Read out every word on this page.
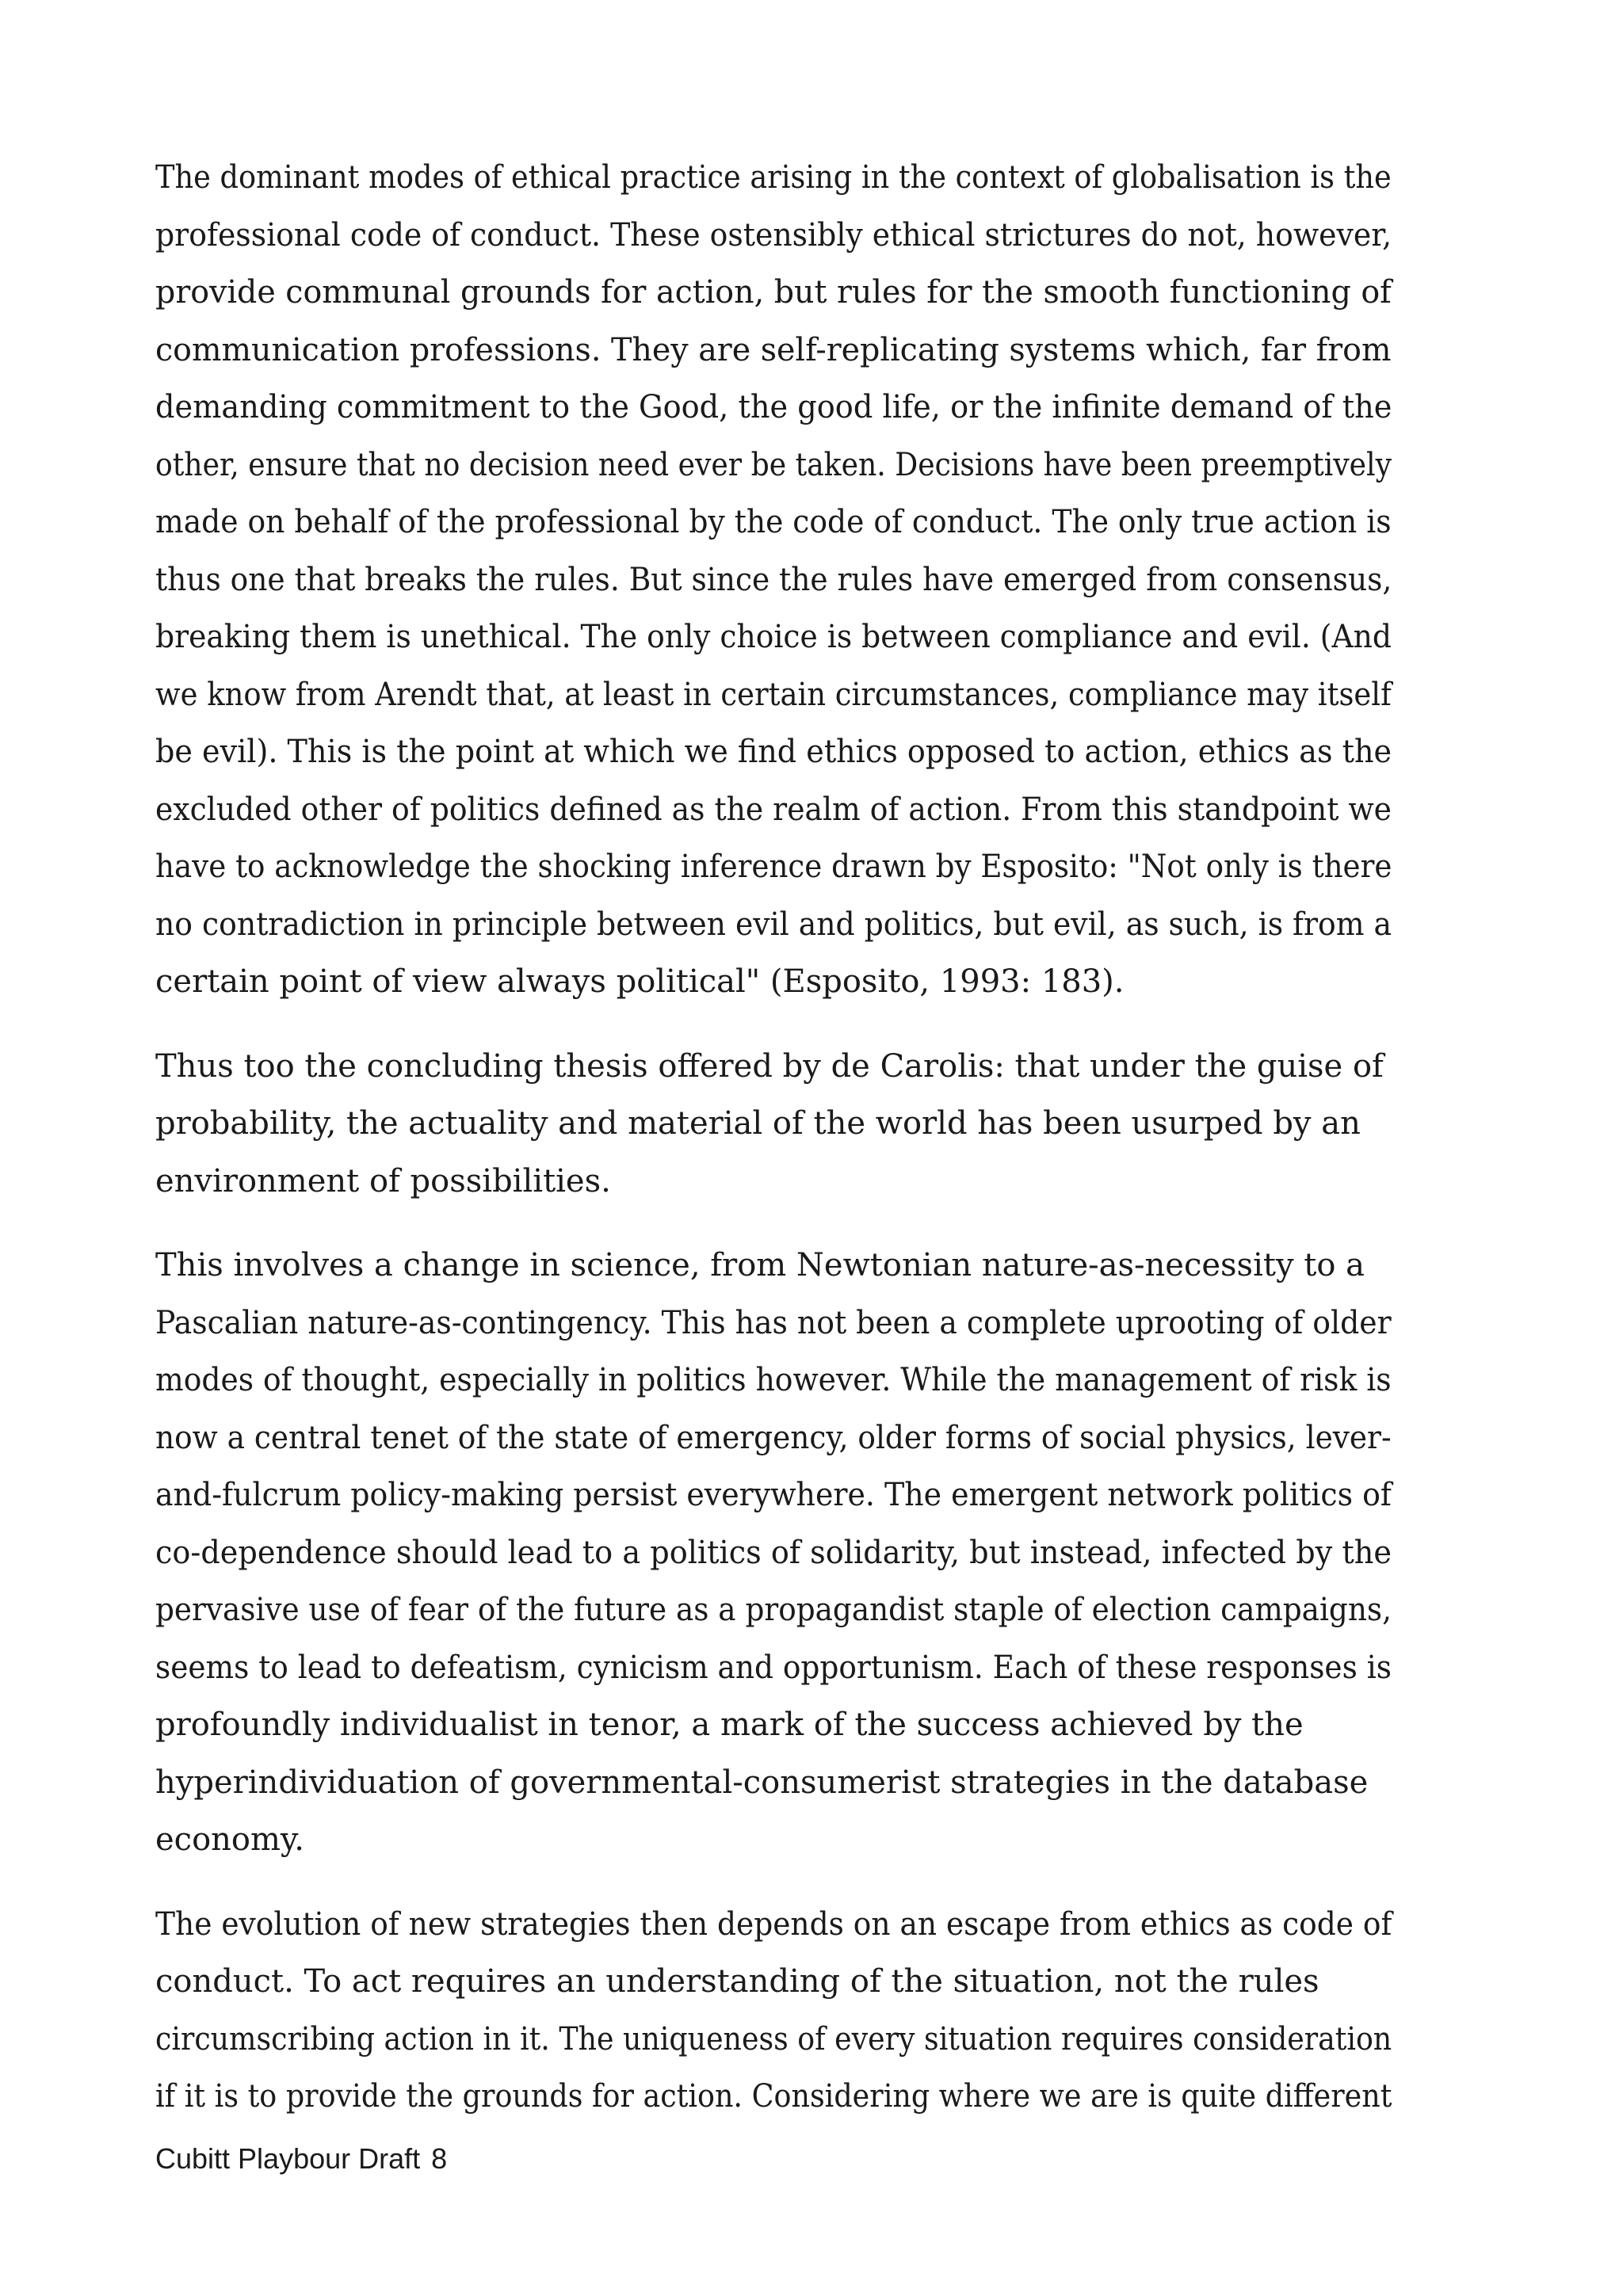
The dominant modes of ethical practice arising in the context of globalisation is the
professional code of conduct. These ostensibly ethical strictures do not, however,
provide communal grounds for action, but rules for the smooth functioning of
communication professions. They are self-replicating systems which, far from
demanding commitment to the Good, the good life, or the infinite demand of the
other, ensure that no decision need ever be taken. Decisions have been preemptively
made on behalf of the professional by the code of conduct. The only true action is
thus one that breaks the rules. But since the rules have emerged from consensus,
breaking them is unethical. The only choice is between compliance and evil. (And
we know from Arendt that, at least in certain circumstances, compliance may itself
be evil). This is the point at which we find ethics opposed to action, ethics as the
excluded other of politics defined as the realm of action. From this standpoint we
have to acknowledge the shocking inference drawn by Esposito: "Not only is there
no contradiction in principle between evil and politics, but evil, as such, is from a
certain point of view always political" (Esposito, 1993: 183).

Thus too the concluding thesis offered by de Carolis: that under the guise of
probability, the actuality and material of the world has been usurped by an
environment of possibilities.

This involves a change in science, from Newtonian nature-as-necessity to a
Pascalian nature-as-contingency. This has not been a complete uprooting of older
modes of thought, especially in politics however. While the management of risk is
now a central tenet of the state of emergency, older forms of social physics, lever-
and-fulcrum policy-making persist everywhere. The emergent network politics of
co-dependence should lead to a politics of solidarity, but instead, infected by the
pervasive use of fear of the future as a propagandist staple of election campaigns,
seems to lead to defeatism, cynicism and opportunism. Each of these responses is
profoundly individualist in tenor, a mark of the success achieved by the
hyperindividuation of governmental-consumerist strategies in the database
economy.

The evolution of new strategies then depends on an escape from ethics as code of
conduct. To act requires an understanding of the situation, not the rules
circumscribing action in it. The uniqueness of every situation requires consideration
if it is to provide the grounds for action. Considering where we are is quite different

Cubitt Playbour Draft 8
